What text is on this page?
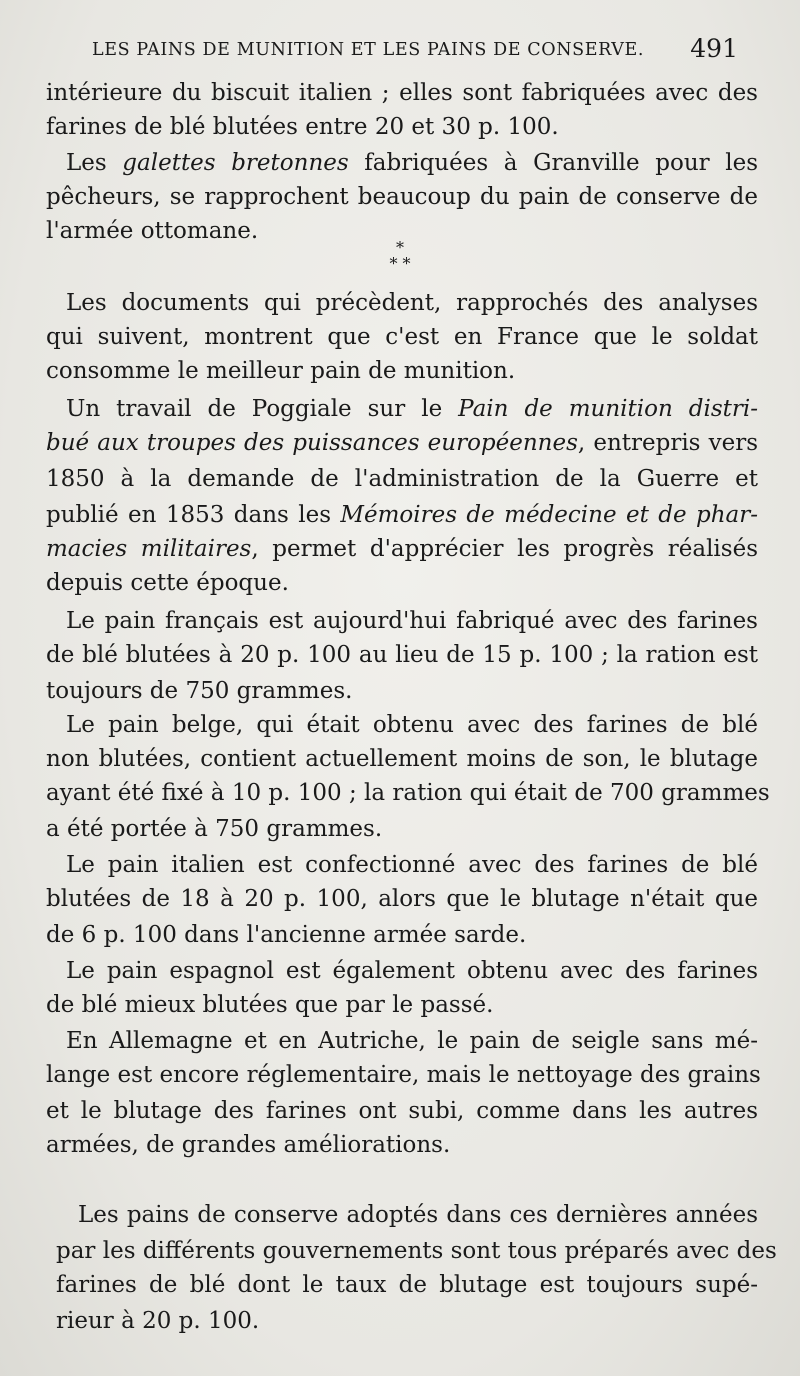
LES PAINS DE MUNITION ET LES PAINS DE CONSERVE. 491
intérieure du biscuit italien ; elles sont fabriquées avec des
farines de blé blutées entre 20 et 30 p. 100.
Les galettes bretonnes fabriquées à Granville pour les
pêcheurs, se rapprochent beaucoup du pain de conserve de
l'armée ottomane.
*
* *
Les documents qui précèdent, rapprochés des analyses
qui suivent, montrent que c'est en France que le soldat
consomme le meilleur pain de munition.
Un travail de Poggiale sur le Pain de munition distri-
bué aux troupes des puissances européennes, entrepris vers
1850 à la demande de l'administration de la Guerre et
publié en 1853 dans les Mémoires de médecine et de phar-
macies militaires, permet d'apprécier les progrès réalisés
depuis cette époque.
Le pain français est aujourd'hui fabriqué avec des farines
de blé blutées à 20 p. 100 au lieu de 15 p. 100 ; la ration est
toujours de 750 grammes.
Le pain belge, qui était obtenu avec des farines de blé
non blutées, contient actuellement moins de son, le blutage
ayant été fixé à 10 p. 100 ; la ration qui était de 700 grammes
a été portée à 750 grammes.
Le pain italien est confectionné avec des farines de blé
blutées de 18 à 20 p. 100, alors que le blutage n'était que
de 6 p. 100 dans l'ancienne armée sarde.
Le pain espagnol est également obtenu avec des farines
de blé mieux blutées que par le passé.
En Allemagne et en Autriche, le pain de seigle sans mé-
lange est encore réglementaire, mais le nettoyage des grains
et le blutage des farines ont subi, comme dans les autres
armées, de grandes améliorations.
Les pains de conserve adoptés dans ces dernières années
par les différents gouvernements sont tous préparés avec des
farines de blé dont le taux de blutage est toujours supé-
rieur à 20 p. 100.
